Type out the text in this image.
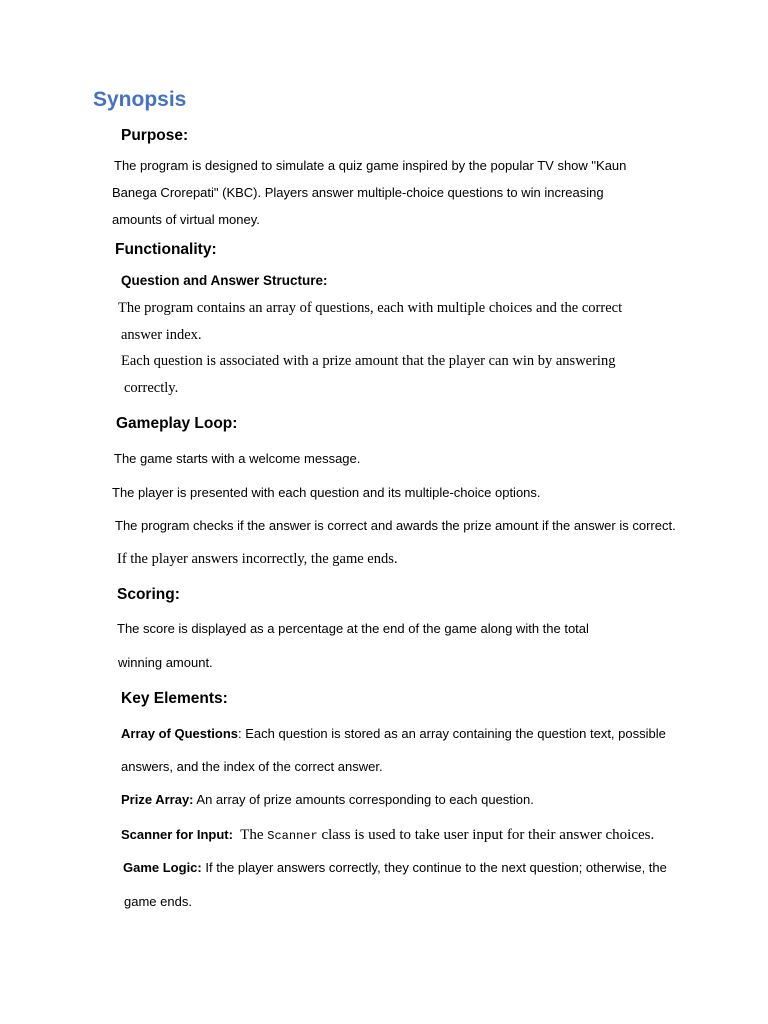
Synopsis
Purpose:
The program is designed to simulate a quiz game inspired by the popular TV show "Kaun
Banega Crorepati" (KBC). Players answer multiple-choice questions to win increasing
amounts of virtual money.
Functionality:
Question and Answer Structure:
The program contains an array of questions, each with multiple choices and the correct
answer index.
Each question is associated with a prize amount that the player can win by answering
correctly.
Gameplay Loop:
The game starts with a welcome message.
The player is presented with each question and its multiple-choice options.
The program checks if the answer is correct and awards the prize amount if the answer is correct.
If the player answers incorrectly, the game ends.
Scoring:
The score is displayed as a percentage at the end of the game along with the total
winning amount.
Key Elements:
Array of Questions: Each question is stored as an array containing the question text, possible
answers, and the index of the correct answer.
Prize Array: An array of prize amounts corresponding to each question.
Scanner for Input:  The Scanner class is used to take user input for their answer choices.
Game Logic: If the player answers correctly, they continue to the next question; otherwise, the
game ends.
